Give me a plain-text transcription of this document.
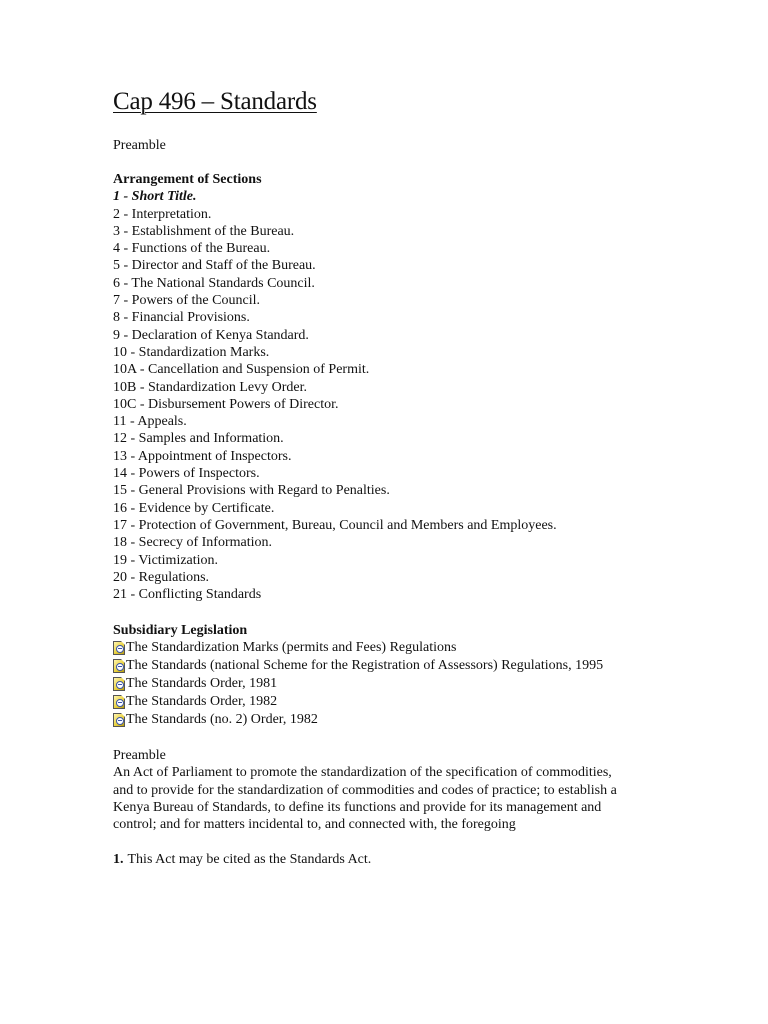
Cap 496 – Standards
Preamble
Arrangement of Sections
1 - Short Title.
2 - Interpretation.
3 - Establishment of the Bureau.
4 - Functions of the Bureau.
5 - Director and Staff of the Bureau.
6 - The National Standards Council.
7 - Powers of the Council.
8 - Financial Provisions.
9 - Declaration of Kenya Standard.
10 - Standardization Marks.
10A - Cancellation and Suspension of Permit.
10B - Standardization Levy Order.
10C - Disbursement Powers of Director.
11 - Appeals.
12 - Samples and Information.
13 - Appointment of Inspectors.
14 - Powers of Inspectors.
15 - General Provisions with Regard to Penalties.
16 - Evidence by Certificate.
17 - Protection of Government, Bureau, Council and Members and Employees.
18 - Secrecy of Information.
19 - Victimization.
20 - Regulations.
21 - Conflicting Standards
Subsidiary Legislation
The Standardization Marks (permits and Fees) Regulations
The Standards (national Scheme for the Registration of Assessors) Regulations, 1995
The Standards Order, 1981
The Standards Order, 1982
The Standards (no. 2) Order, 1982

Preamble

An Act of Parliament to promote the standardization of the specification of commodities,

and to provide for the standardization of commodities and codes of practice; to establish a

Kenya Bureau of Standards, to define its functions and provide for its management and

control; and for matters incidental to, and connected with, the foregoing

1. This Act may be cited as the Standards Act.
